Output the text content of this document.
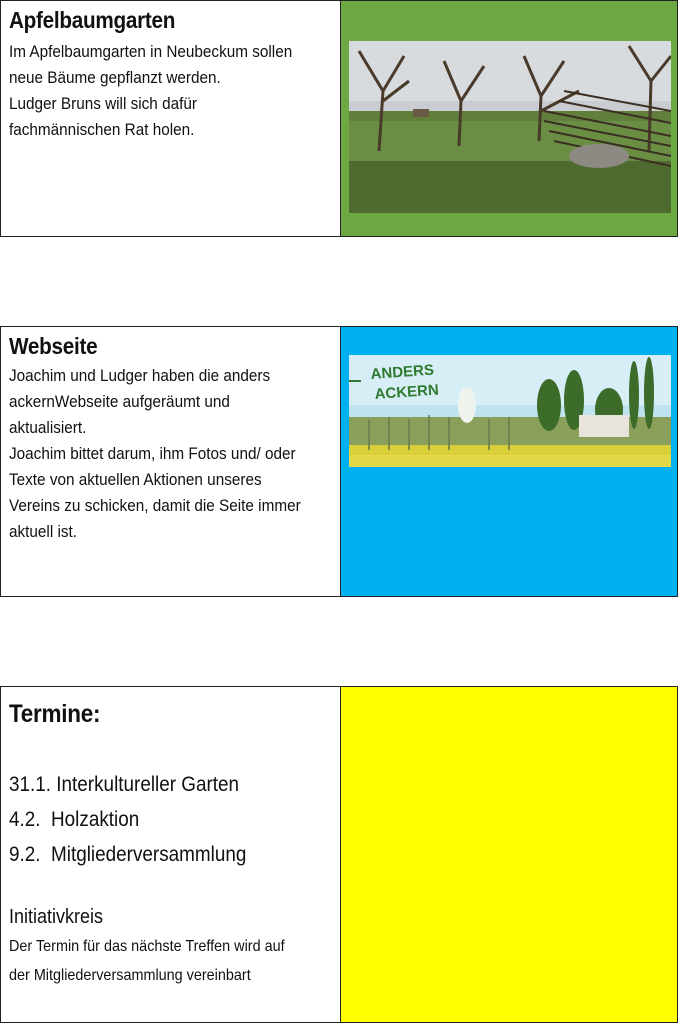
Apfelbaumgarten

Im Apfelbaumgarten in Neubeckum sollen

neue Bäume gepflanzt werden.

Ludger Bruns will sich dafür

fachmännischen Rat holen.

Webseite

Joachim und Ludger haben die anders

ackernWebseite aufgeräumt und

aktualisiert.

Joachim bittet darum, ihm Fotos und/ oder

Texte von aktuellen Aktionen unseres

Vereins zu schicken, damit die Seite immer

aktuell ist.

ANDERS
ACKERN
Termine:

31.1. Interkultureller Garten

4.2.  Holzaktion

9.2.  Mitgliederversammlung

Initiativkreis

Der Termin für das nächste Treffen wird auf

der Mitgliederversammlung vereinbart
